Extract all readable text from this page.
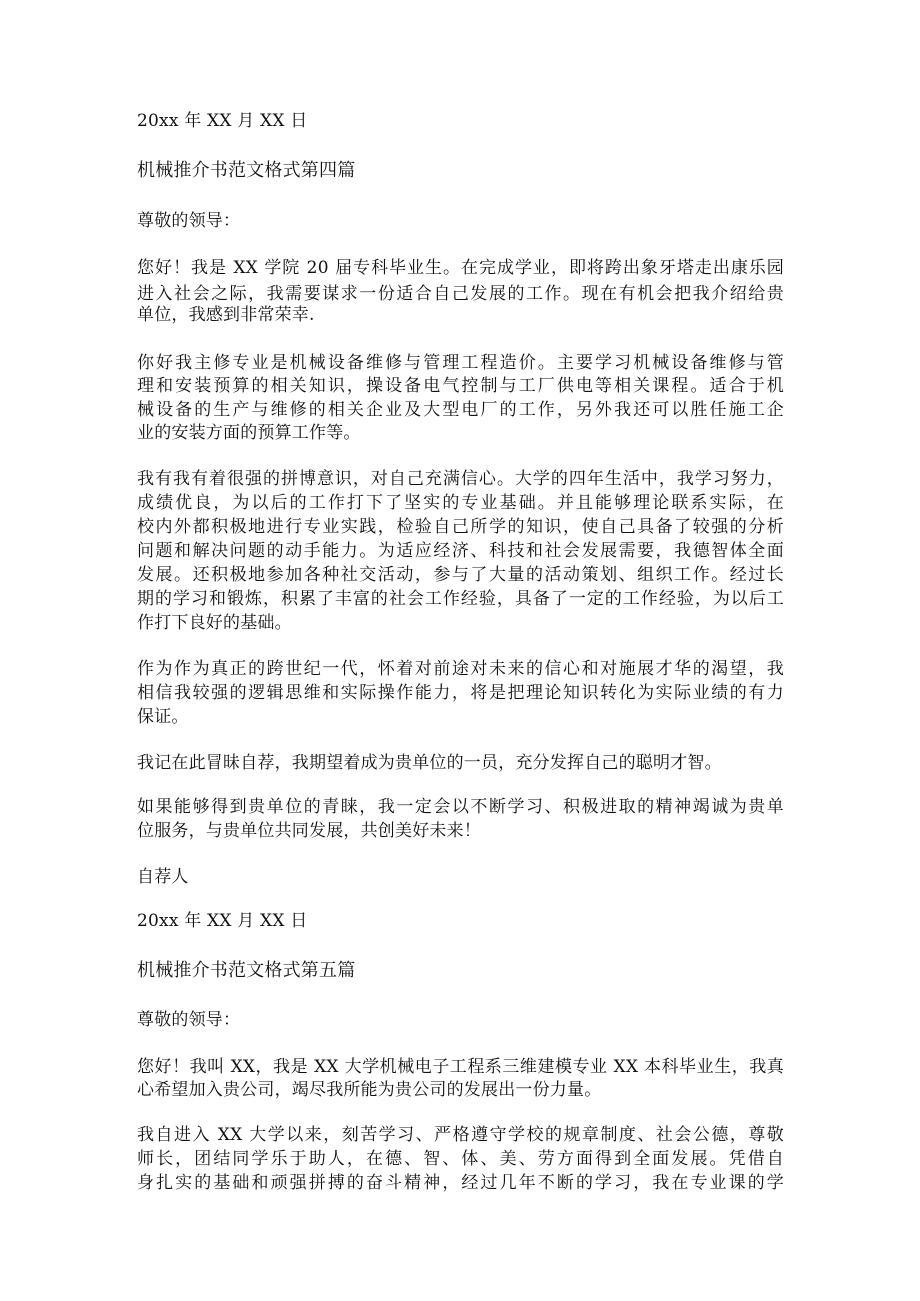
20xx 年 XX 月 XX 日
机械推介书范文格式第四篇
尊敬的领导：
您好！我是 XX 学院 20 届专科毕业生。在完成学业，即将跨出象牙塔走出康乐园
进入社会之际，我需要谋求一份适合自己发展的工作。现在有机会把我介绍给贵
单位，我感到非常荣幸.
你好我主修专业是机械设备维修与管理工程造价。主要学习机械设备维修与管
理和安装预算的相关知识，操设备电气控制与工厂供电等相关课程。适合于机
械设备的生产与维修的相关企业及大型电厂的工作，另外我还可以胜任施工企
业的安装方面的预算工作等。
我有我有着很强的拼博意识，对自己充满信心。大学的四年生活中，我学习努力，
成绩优良，为以后的工作打下了坚实的专业基础。并且能够理论联系实际，在
校内外都积极地进行专业实践，检验自己所学的知识，使自己具备了较强的分析
问题和解决问题的动手能力。为适应经济、科技和社会发展需要，我德智体全面
发展。还积极地参加各种社交活动，参与了大量的活动策划、组织工作。经过长
期的学习和锻炼，积累了丰富的社会工作经验，具备了一定的工作经验，为以后工
作打下良好的基础。
作为作为真正的跨世纪一代，怀着对前途对未来的信心和对施展才华的渴望，我
相信我较强的逻辑思维和实际操作能力，将是把理论知识转化为实际业绩的有力
保证。
我记在此冒昧自荐，我期望着成为贵单位的一员，充分发挥自己的聪明才智。
如果能够得到贵单位的青睐，我一定会以不断学习、积极进取的精神竭诚为贵单
位服务，与贵单位共同发展，共创美好未来！
自荐人
20xx 年 XX 月 XX 日
机械推介书范文格式第五篇
尊敬的领导：
您好！我叫 XX，我是 XX 大学机械电子工程系三维建模专业 XX 本科毕业生，我真
心希望加入贵公司，竭尽我所能为贵公司的发展出一份力量。
我自进入 XX 大学以来，刻苦学习、严格遵守学校的规章制度、社会公德，尊敬
师长，团结同学乐于助人，在德、智、体、美、劳方面得到全面发展。凭借自
身扎实的基础和顽强拼搏的奋斗精神，经过几年不断的学习，我在专业课的学
